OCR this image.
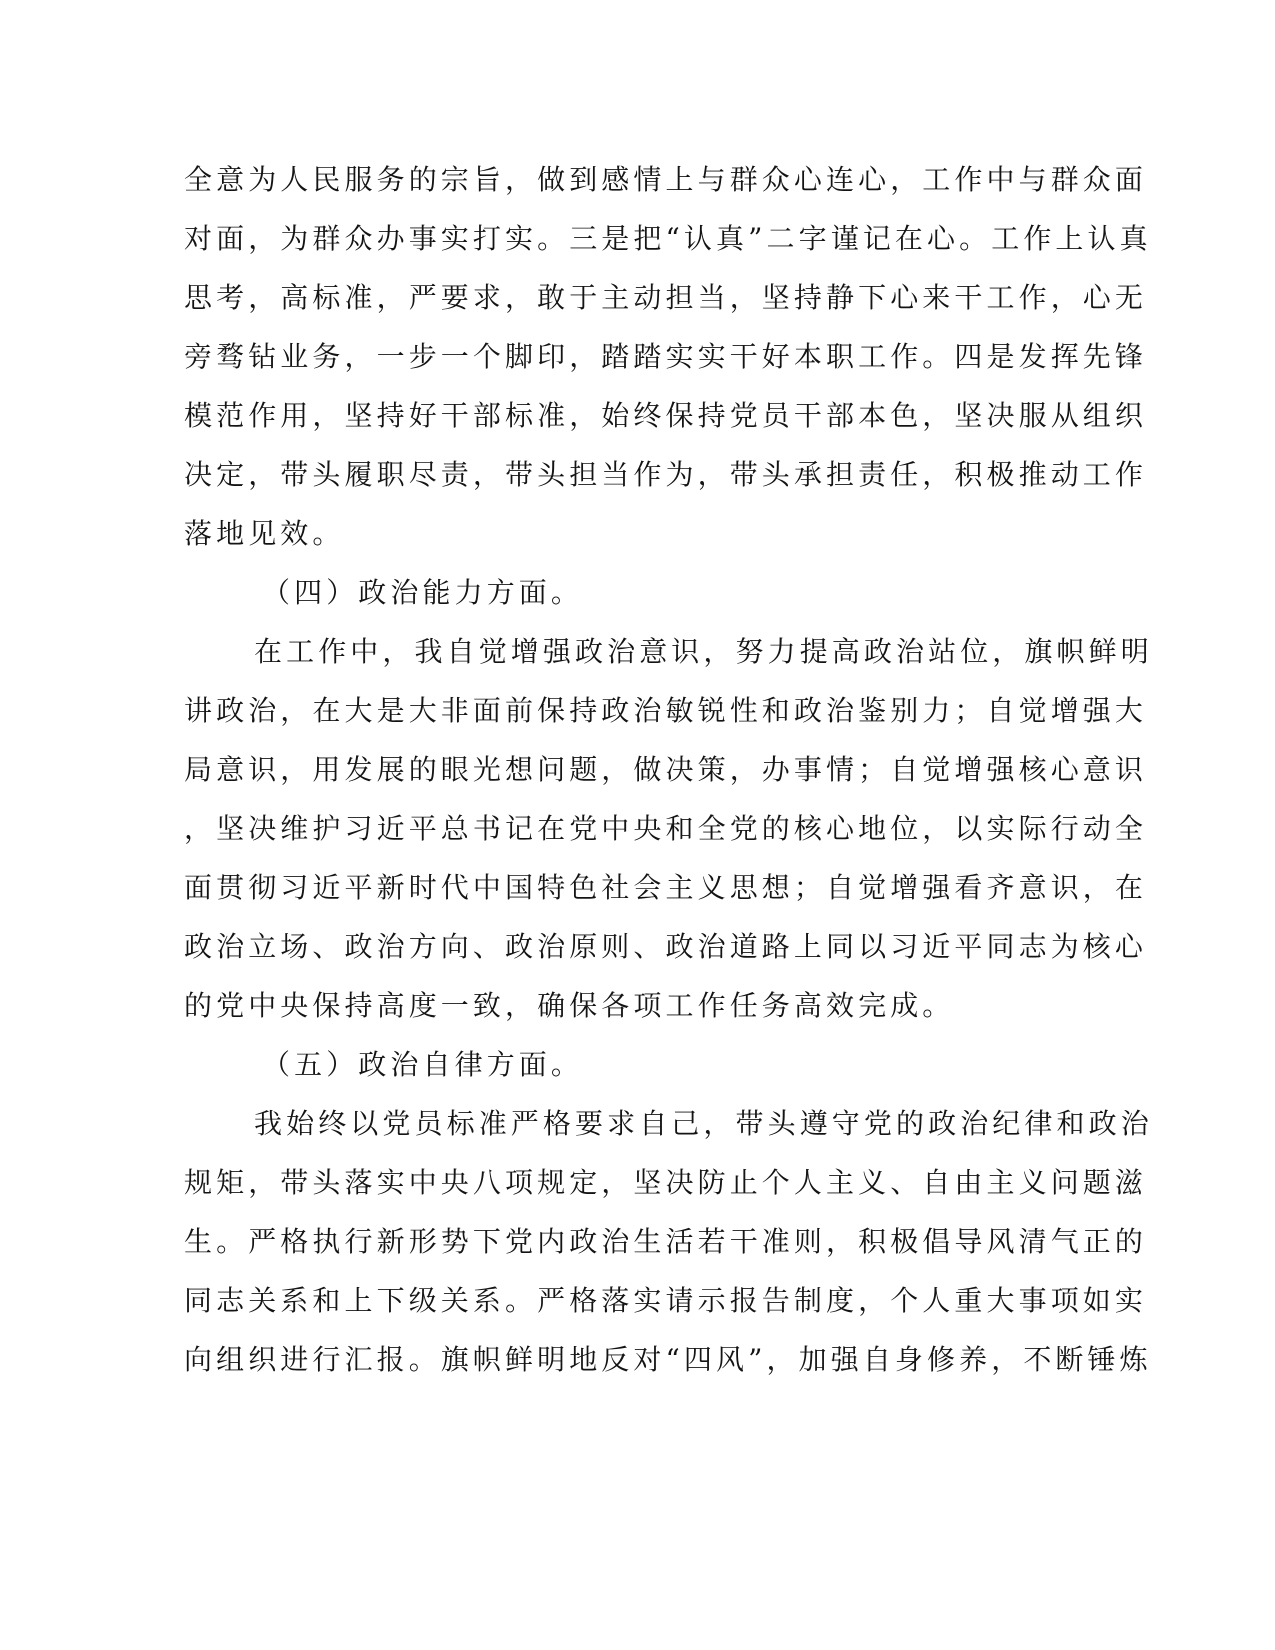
全意为人民服务的宗旨，做到感情上与群众心连心，工作中与群众面
对面，为群众办事实打实。三是把“认真”二字谨记在心。工作上认真
思考，高标准，严要求，敢于主动担当，坚持静下心来干工作，心无
旁骛钻业务，一步一个脚印，踏踏实实干好本职工作。四是发挥先锋
模范作用，坚持好干部标准，始终保持党员干部本色，坚决服从组织
决定，带头履职尽责，带头担当作为，带头承担责任，积极推动工作
落地见效。
（四）政治能力方面。
在工作中，我自觉增强政治意识，努力提高政治站位，旗帜鲜明
讲政治，在大是大非面前保持政治敏锐性和政治鉴别力；自觉增强大
局意识，用发展的眼光想问题，做决策，办事情；自觉增强核心意识
，坚决维护习近平总书记在党中央和全党的核心地位，以实际行动全
面贯彻习近平新时代中国特色社会主义思想；自觉增强看齐意识，在
政治立场、政治方向、政治原则、政治道路上同以习近平同志为核心
的党中央保持高度一致，确保各项工作任务高效完成。
（五）政治自律方面。
我始终以党员标准严格要求自己，带头遵守党的政治纪律和政治
规矩，带头落实中央八项规定，坚决防止个人主义、自由主义问题滋
生。严格执行新形势下党内政治生活若干准则，积极倡导风清气正的
同志关系和上下级关系。严格落实请示报告制度，个人重大事项如实
向组织进行汇报。旗帜鲜明地反对“四风”，加强自身修养，不断锤炼
